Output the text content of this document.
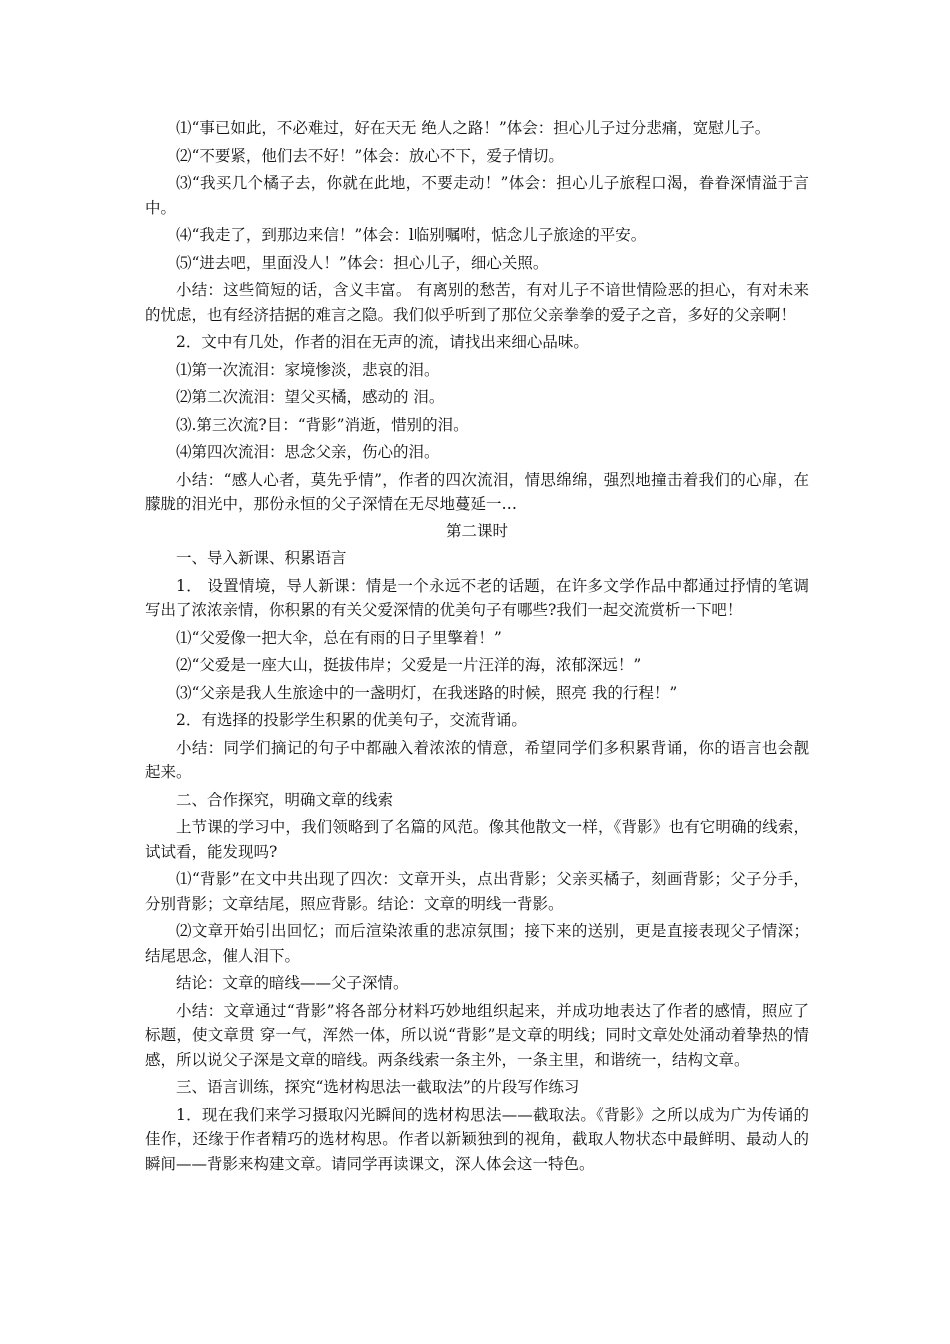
⑴“事已如此，不必难过，好在天无 绝人之路！”体会：担心儿子过分悲痛，宽慰儿子。

⑵“不要紧，他们去不好！”体会：放心不下，爱子情切。

⑶“我买几个橘子去，你就在此地，不要走动！”体会：担心儿子旅程口渴，眷眷深情溢于言 中。

⑷“我走了，到那边来信！”体会：l临别嘱咐，惦念儿子旅途的平安。

⑸“进去吧，里面没人！”体会：担心儿子，细心关照。

小结：这些简短的话，含义丰富。 有离别的愁苦，有对儿子不谙世情险恶的担心，有对未来的忧虑，也有经济拮据的难言之隐。我们似乎听到了那位父亲拳拳的爱子之音，多好的父亲啊！

2．文中有几处，作者的泪在无声的流，请找出来细心品味。

⑴第一次流泪：家境惨淡，悲哀的泪。

⑵第二次流泪：望父买橘，感动的 泪。

⑶.第三次流?目：“背影”消逝，惜别的泪。

⑷第四次流泪：思念父亲，伤心的泪。

小结：“感人心者，莫先乎情”，作者的四次流泪，情思绵绵，强烈地撞击着我们的心扉，在朦胧的泪光中，那份永恒的父子深情在无尽地蔓延一…

第二课时

一、导入新课、积累语言

1． 设置情境，导人新课：情是一个永远不老的话题，在许多文学作品中都通过抒情的笔调写出了浓浓亲情，你积累的有关父爱深情的优美句子有哪些?我们一起交流赏析一下吧！

⑴“父爱像一把大伞，总在有雨的日子里擎着！”

⑵“父爱是一座大山，挺拔伟岸；父爱是一片汪洋的海，浓郁深远！”

⑶“父亲是我人生旅途中的一盏明灯，在我迷路的时候，照亮 我的行程！”

2．有选择的投影学生积累的优美句子，交流背诵。

小结：同学们摘记的句子中都融入着浓浓的情意，希望同学们多积累背诵，你的语言也会靓起来。

二、合作探究，明确文章的线索

上节课的学习中，我们领略到了名篇的风范。像其他散文一样，《背影》也有它明确的线索，试试看，能发现吗?

⑴“背影”在文中共出现了四次：文章开头，点出背影；父亲买橘子，刻画背影；父子分手，分别背影；文章结尾，照应背影。结论：文章的明线一背影。

⑵文章开始引出回忆；而后渲染浓重的悲凉氛围；接下来的送别，更是直接表现父子情深；结尾思念，催人泪下。

结论：文章的暗线——父子深情。

小结：文章通过“背影”将各部分材料巧妙地组织起来，并成功地表达了作者的感情，照应了标题，使文章贯 穿一气，浑然一体，所以说“背影”是文章的明线；同时文章处处涌动着挚热的情感，所以说父子深是文章的暗线。两条线索一条主外，一条主里，和谐统一，结构文章。

三、语言训练，探究“选材构思法一截取法”的片段写作练习

1．现在我们来学习摄取闪光瞬间的选材构思法——截取法。《背影》之所以成为广为传诵的佳作，还缘于作者精巧的选材构思。作者以新颖独到的视角，截取人物状态中最鲜明、最动人的瞬间——背影来构建文章。请同学再读课文，深人体会这一特色。
